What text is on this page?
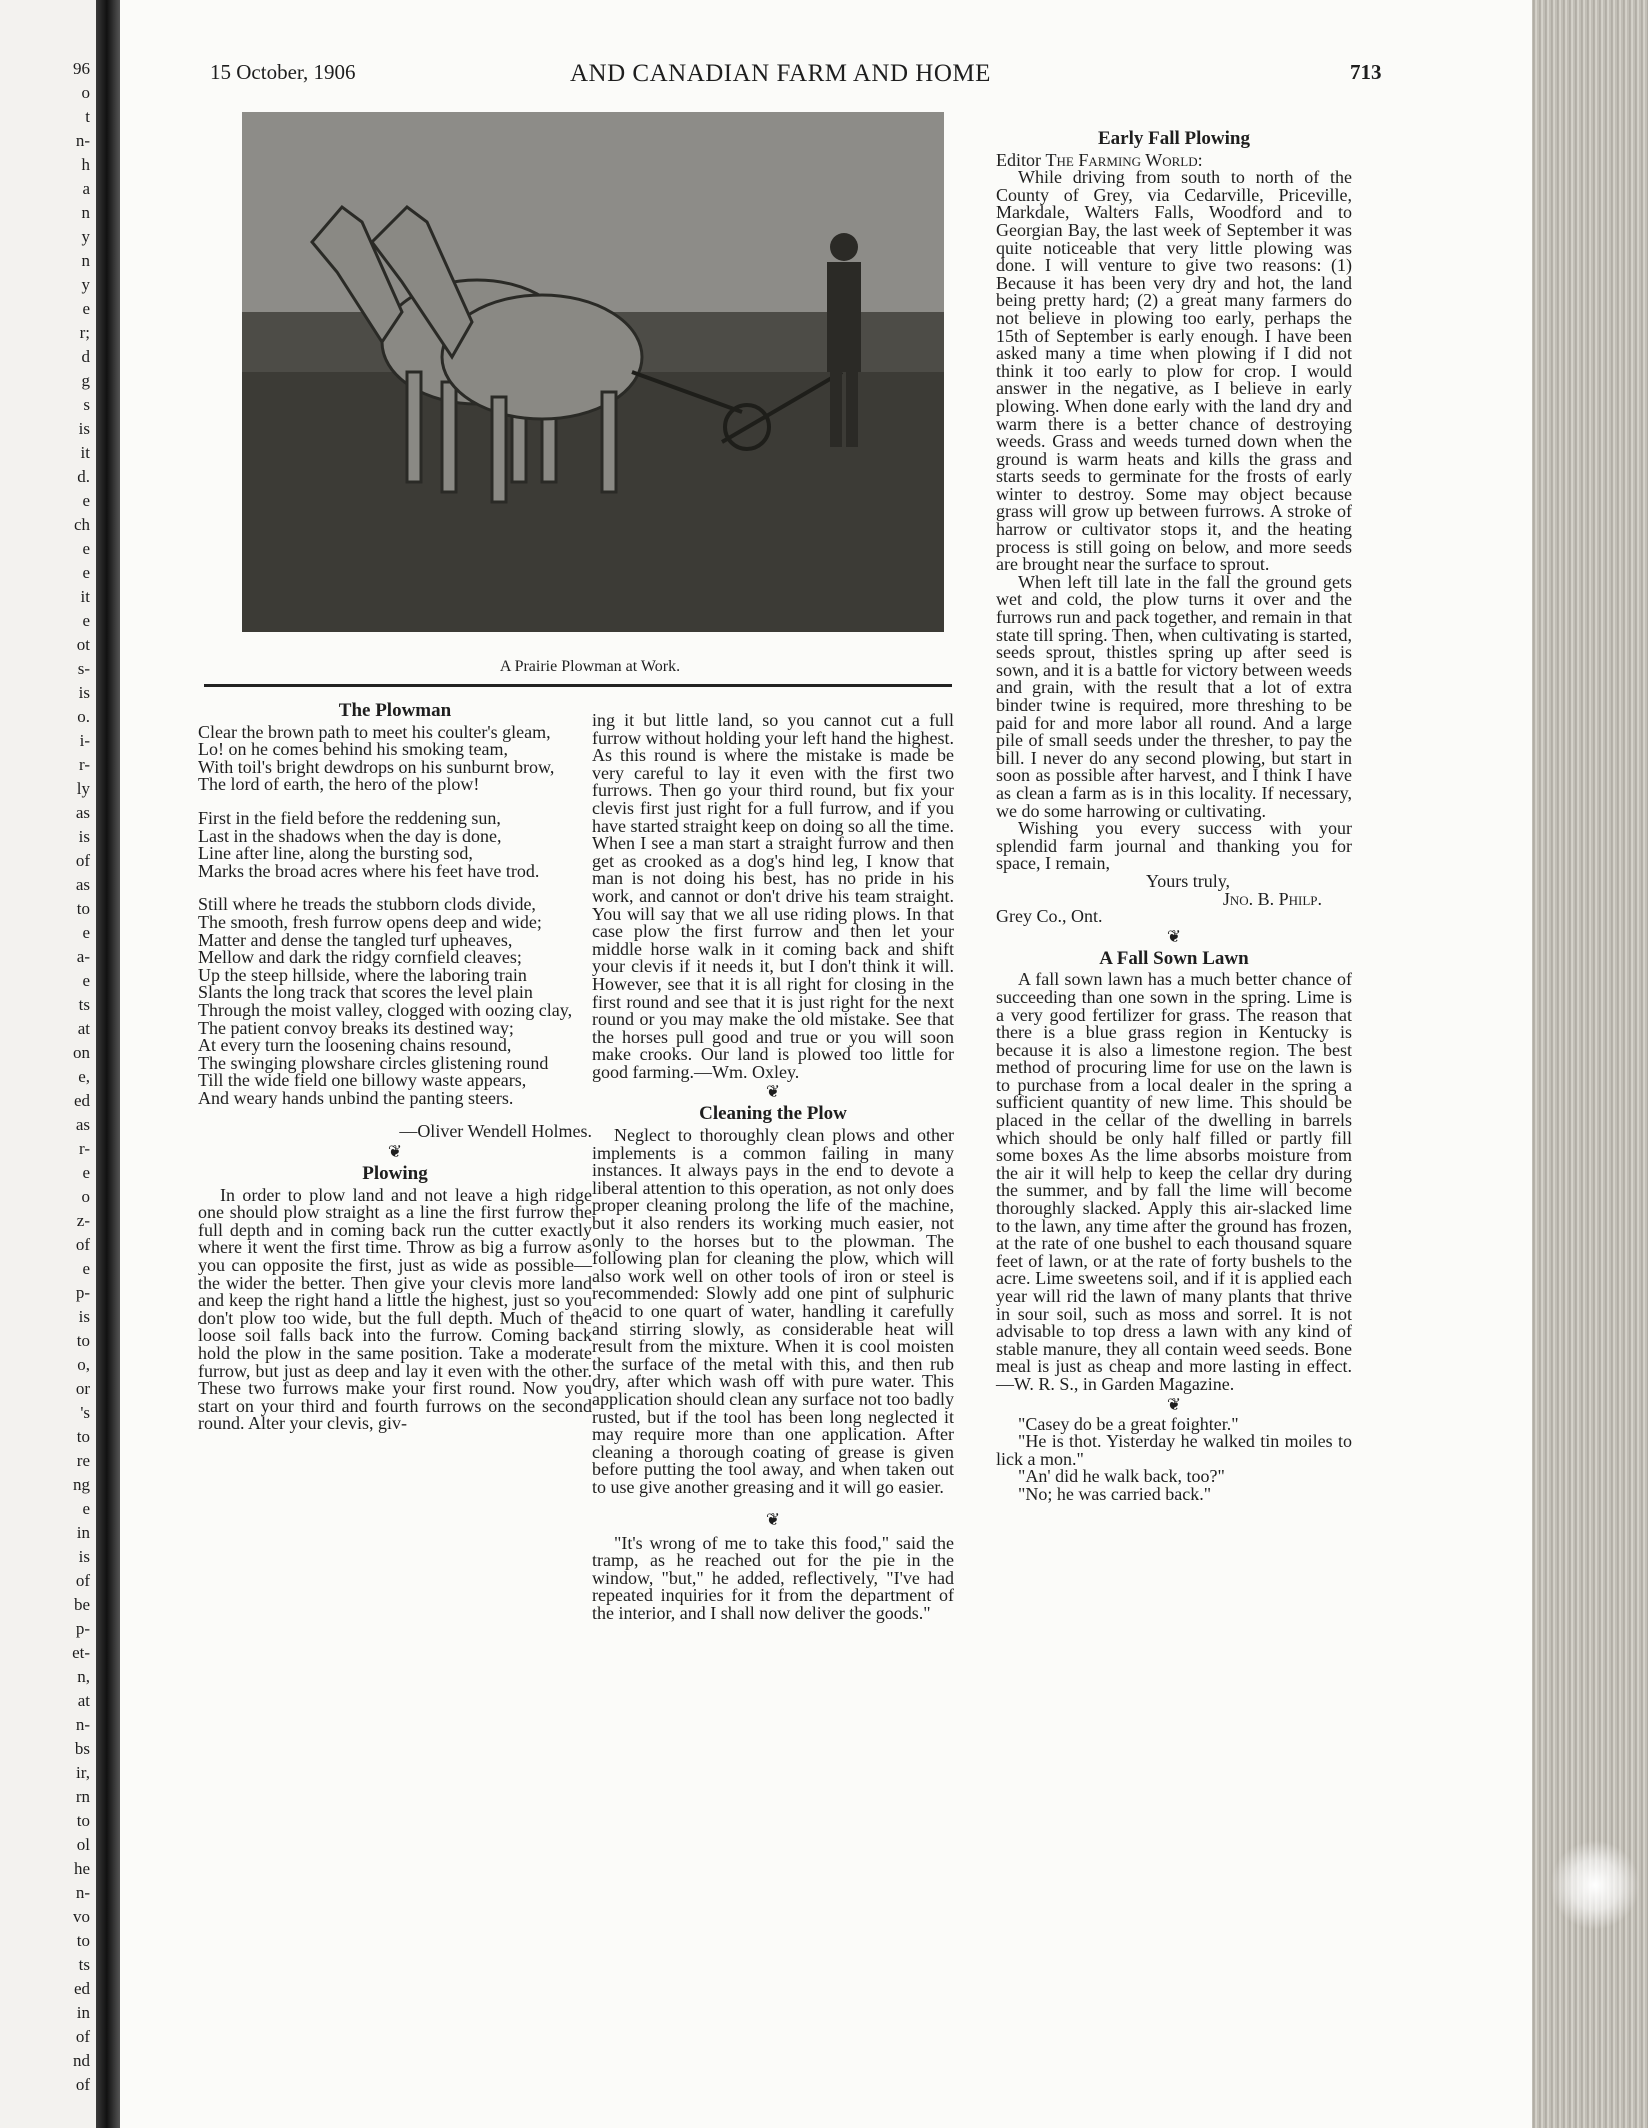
96
o
t
n-
h
a
n
y
n
y
e
r;
d
g
s
is
it
d.
e
ch
e
e
it
e
ot
s-
is
o.
i-
r-
ly
as
is
of
as
to
e
a-
e
ts
at
on
e,
ed
as
r-
e
o
z-
of
e
p-
is
to
o,
or
's
to
re
ng
e
in
is
of
be
p-
et-
n,
at
n-
bs
ir,
rn
to
ol
he
n-
vo
to
ts
ed
in
of
nd
of
15 October, 1906	AND CANADIAN FARM AND HOME	713
A Prairie Plowman at Work.
The Plowman

Clear the brown path to meet his coulter's gleam,

Lo! on he comes behind his smoking team,

With toil's bright dewdrops on his sunburnt brow,

The lord of earth, the hero of the plow!

First in the field before the reddening sun,

Last in the shadows when the day is done,

Line after line, along the bursting sod,

Marks the broad acres where his feet have trod.

Still where he treads the stubborn clods divide,

The smooth, fresh furrow opens deep and wide;

Matter and dense the tangled turf upheaves,

Mellow and dark the ridgy cornfield cleaves;

Up the steep hillside, where the laboring train

Slants the long track that scores the level plain

Through the moist valley, clogged with oozing clay,

The patient convoy breaks its destined way;

At every turn the loosening chains resound,

The swinging plowshare circles glistening round

Till the wide field one billowy waste appears,

And weary hands unbind the panting steers.

—Oliver Wendell Holmes.

❦
Plowing

In order to plow land and not leave a high ridge one should plow straight as a line the first furrow the full depth and in coming back run the cutter exactly where it went the first time. Throw as big a furrow as you can opposite the first, just as wide as possible—the wider the better. Then give your clevis more land and keep the right hand a little the highest, just so you don't plow too wide, but the full depth. Much of the loose soil falls back into the furrow. Coming back hold the plow in the same position. Take a moderate furrow, but just as deep and lay it even with the other. These two furrows make your first round. Now you start on your third and fourth furrows on the second round. Alter your clevis, giv-

ing it but little land, so you cannot cut a full furrow without holding your left hand the highest. As this round is where the mistake is made be very careful to lay it even with the first two furrows. Then go your third round, but fix your clevis first just right for a full furrow, and if you have started straight keep on doing so all the time. When I see a man start a straight furrow and then get as crooked as a dog's hind leg, I know that man is not doing his best, has no pride in his work, and cannot or don't drive his team straight. You will say that we all use riding plows. In that case plow the first furrow and then let your middle horse walk in it coming back and shift your clevis if it needs it, but I don't think it will. However, see that it is all right for closing in the first round and see that it is just right for the next round or you may make the old mistake. See that the horses pull good and true or you will soon make crooks. Our land is plowed too little for good farming.—Wm. Oxley.

❦
Cleaning the Plow

Neglect to thoroughly clean plows and other implements is a common failing in many instances. It always pays in the end to devote a liberal attention to this operation, as not only does proper cleaning prolong the life of the machine, but it also renders its working much easier, not only to the horses but to the plowman. The following plan for cleaning the plow, which will also work well on other tools of iron or steel is recommended: Slowly add one pint of sulphuric acid to one quart of water, handling it carefully and stirring slowly, as considerable heat will result from the mixture. When it is cool moisten the surface of the metal with this, and then rub dry, after which wash off with pure water. This application should clean any surface not too badly rusted, but if the tool has been long neglected it may require more than one application. After cleaning a thorough coating of grease is given before putting the tool away, and when taken out to use give another greasing and it will go easier.

❦

"It's wrong of me to take this food," said the tramp, as he reached out for the pie in the window, "but," he added, reflectively, "I've had repeated inquiries for it from the department of the interior, and I shall now deliver the goods."

Early Fall Plowing

Editor The Farming World:

While driving from south to north of the County of Grey, via Cedarville, Priceville, Markdale, Walters Falls, Woodford and to Georgian Bay, the last week of September it was quite noticeable that very little plowing was done. I will venture to give two reasons: (1) Because it has been very dry and hot, the land being pretty hard; (2) a great many farmers do not believe in plowing too early, perhaps the 15th of September is early enough. I have been asked many a time when plowing if I did not think it too early to plow for crop. I would answer in the negative, as I believe in early plowing. When done early with the land dry and warm there is a better chance of destroying weeds. Grass and weeds turned down when the ground is warm heats and kills the grass and starts seeds to germinate for the frosts of early winter to destroy. Some may object because grass will grow up between furrows. A stroke of harrow or cultivator stops it, and the heating process is still going on below, and more seeds are brought near the surface to sprout.

When left till late in the fall the ground gets wet and cold, the plow turns it over and the furrows run and pack together, and remain in that state till spring. Then, when cultivating is started, seeds sprout, thistles spring up after seed is sown, and it is a battle for victory between weeds and grain, with the result that a lot of extra binder twine is required, more threshing to be paid for and more labor all round. And a large pile of small seeds under the thresher, to pay the bill. I never do any second plowing, but start in soon as possible after harvest, and I think I have as clean a farm as is in this locality. If necessary, we do some harrowing or cultivating.

Wishing you every success with your splendid farm journal and thanking you for space, I remain,

Yours truly,

Jno. B. Philp.

Grey Co., Ont.

❦
A Fall Sown Lawn

A fall sown lawn has a much better chance of succeeding than one sown in the spring. Lime is a very good fertilizer for grass. The reason that there is a blue grass region in Kentucky is because it is also a limestone region. The best method of procuring lime for use on the lawn is to purchase from a local dealer in the spring a sufficient quantity of new lime. This should be placed in the cellar of the dwelling in barrels which should be only half filled or partly fill some boxes As the lime absorbs moisture from the air it will help to keep the cellar dry during the summer, and by fall the lime will become thoroughly slacked. Apply this air-slacked lime to the lawn, any time after the ground has frozen, at the rate of one bushel to each thousand square feet of lawn, or at the rate of forty bushels to the acre. Lime sweetens soil, and if it is applied each year will rid the lawn of many plants that thrive in sour soil, such as moss and sorrel. It is not advisable to top dress a lawn with any kind of stable manure, they all contain weed seeds. Bone meal is just as cheap and more lasting in effect.—W. R. S., in Garden Magazine.

❦

"Casey do be a great foighter."

"He is thot. Yisterday he walked tin moiles to lick a mon."

"An' did he walk back, too?"

"No; he was carried back."
